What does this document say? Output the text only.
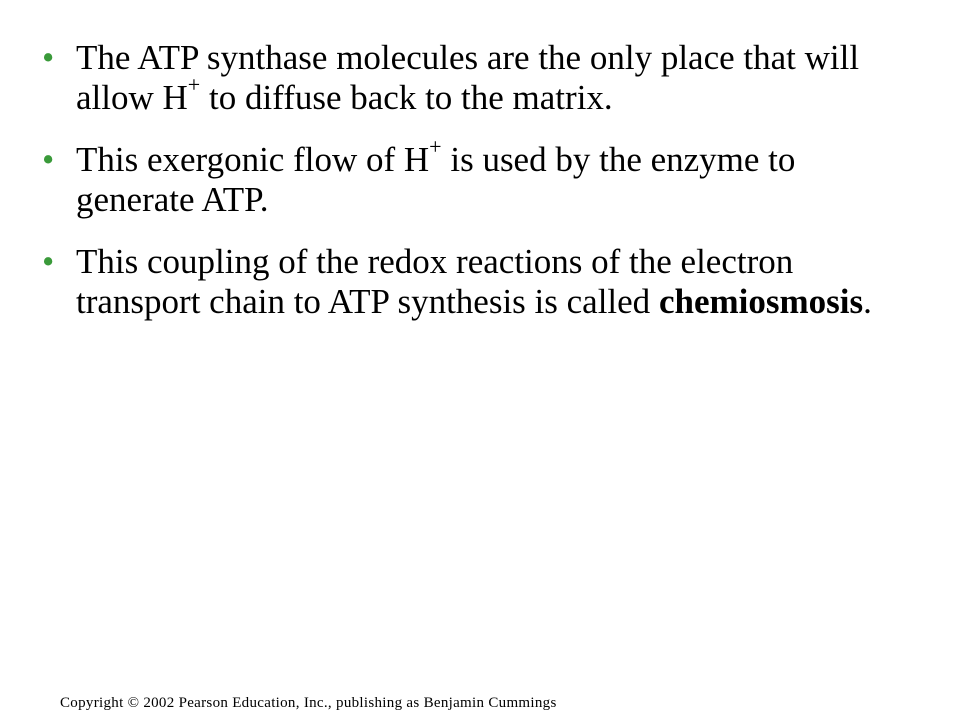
• The ATP synthase molecules are the only place that will allow H+ to diffuse back to the matrix.
• This exergonic flow of H+ is used by the enzyme to generate ATP.
• This coupling of the redox reactions of the electron transport chain to ATP synthesis is called chemiosmosis.
Copyright © 2002 Pearson Education, Inc., publishing as Benjamin Cummings
